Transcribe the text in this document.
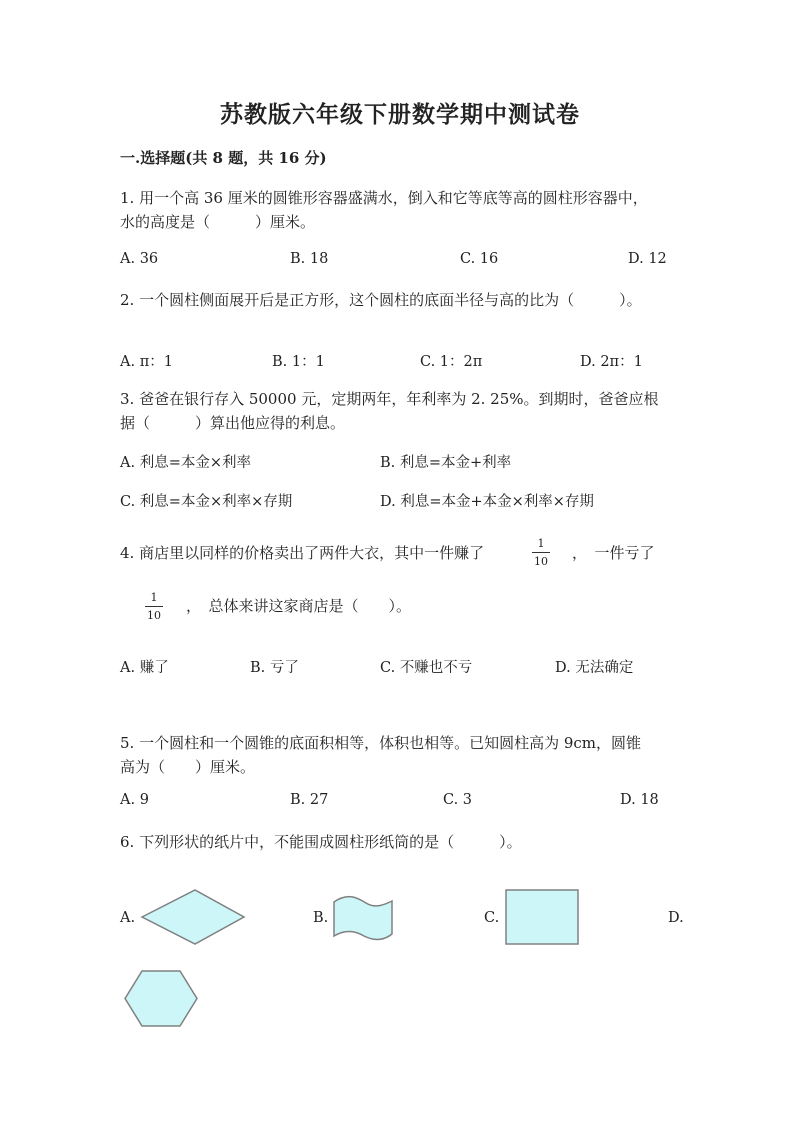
苏教版六年级下册数学期中测试卷
一.选择题(共 8 题，共 16 分)
1. 用一个高 36 厘米的圆锥形容器盛满水，倒入和它等底等高的圆柱形容器中，
水的高度是（　　　）厘米。
A. 36	B. 18	C. 16	D. 12
2. 一个圆柱侧面展开后是正方形，这个圆柱的底面半径与高的比为（　　　）。
A. π：1	B. 1：1	C. 1：2π	D. 2π：1
3. 爸爸在银行存入 50000 元，定期两年，年利率为 2. 25%。到期时，爸爸应根
据（　　　）算出他应得的利息。
A. 利息=本金×利率	B. 利息=本金+利率
C. 利息=本金×利率×存期	D. 利息=本金+本金×利率×存期
4. 商店里以同样的价格卖出了两件大衣，其中一件赚了
1
10 ，　一件亏了
1
10
，　总体来讲这家商店是（　　）。
A. 赚了	B. 亏了	C. 不赚也不亏	D. 无法确定
5. 一个圆柱和一个圆锥的底面积相等，体积也相等。已知圆柱高为 9cm，圆锥
高为（　　）厘米。
A. 9	B. 27	C. 3	D. 18
6. 下列形状的纸片中，不能围成圆柱形纸筒的是（　　　）。
A.	B.	C.	D.
